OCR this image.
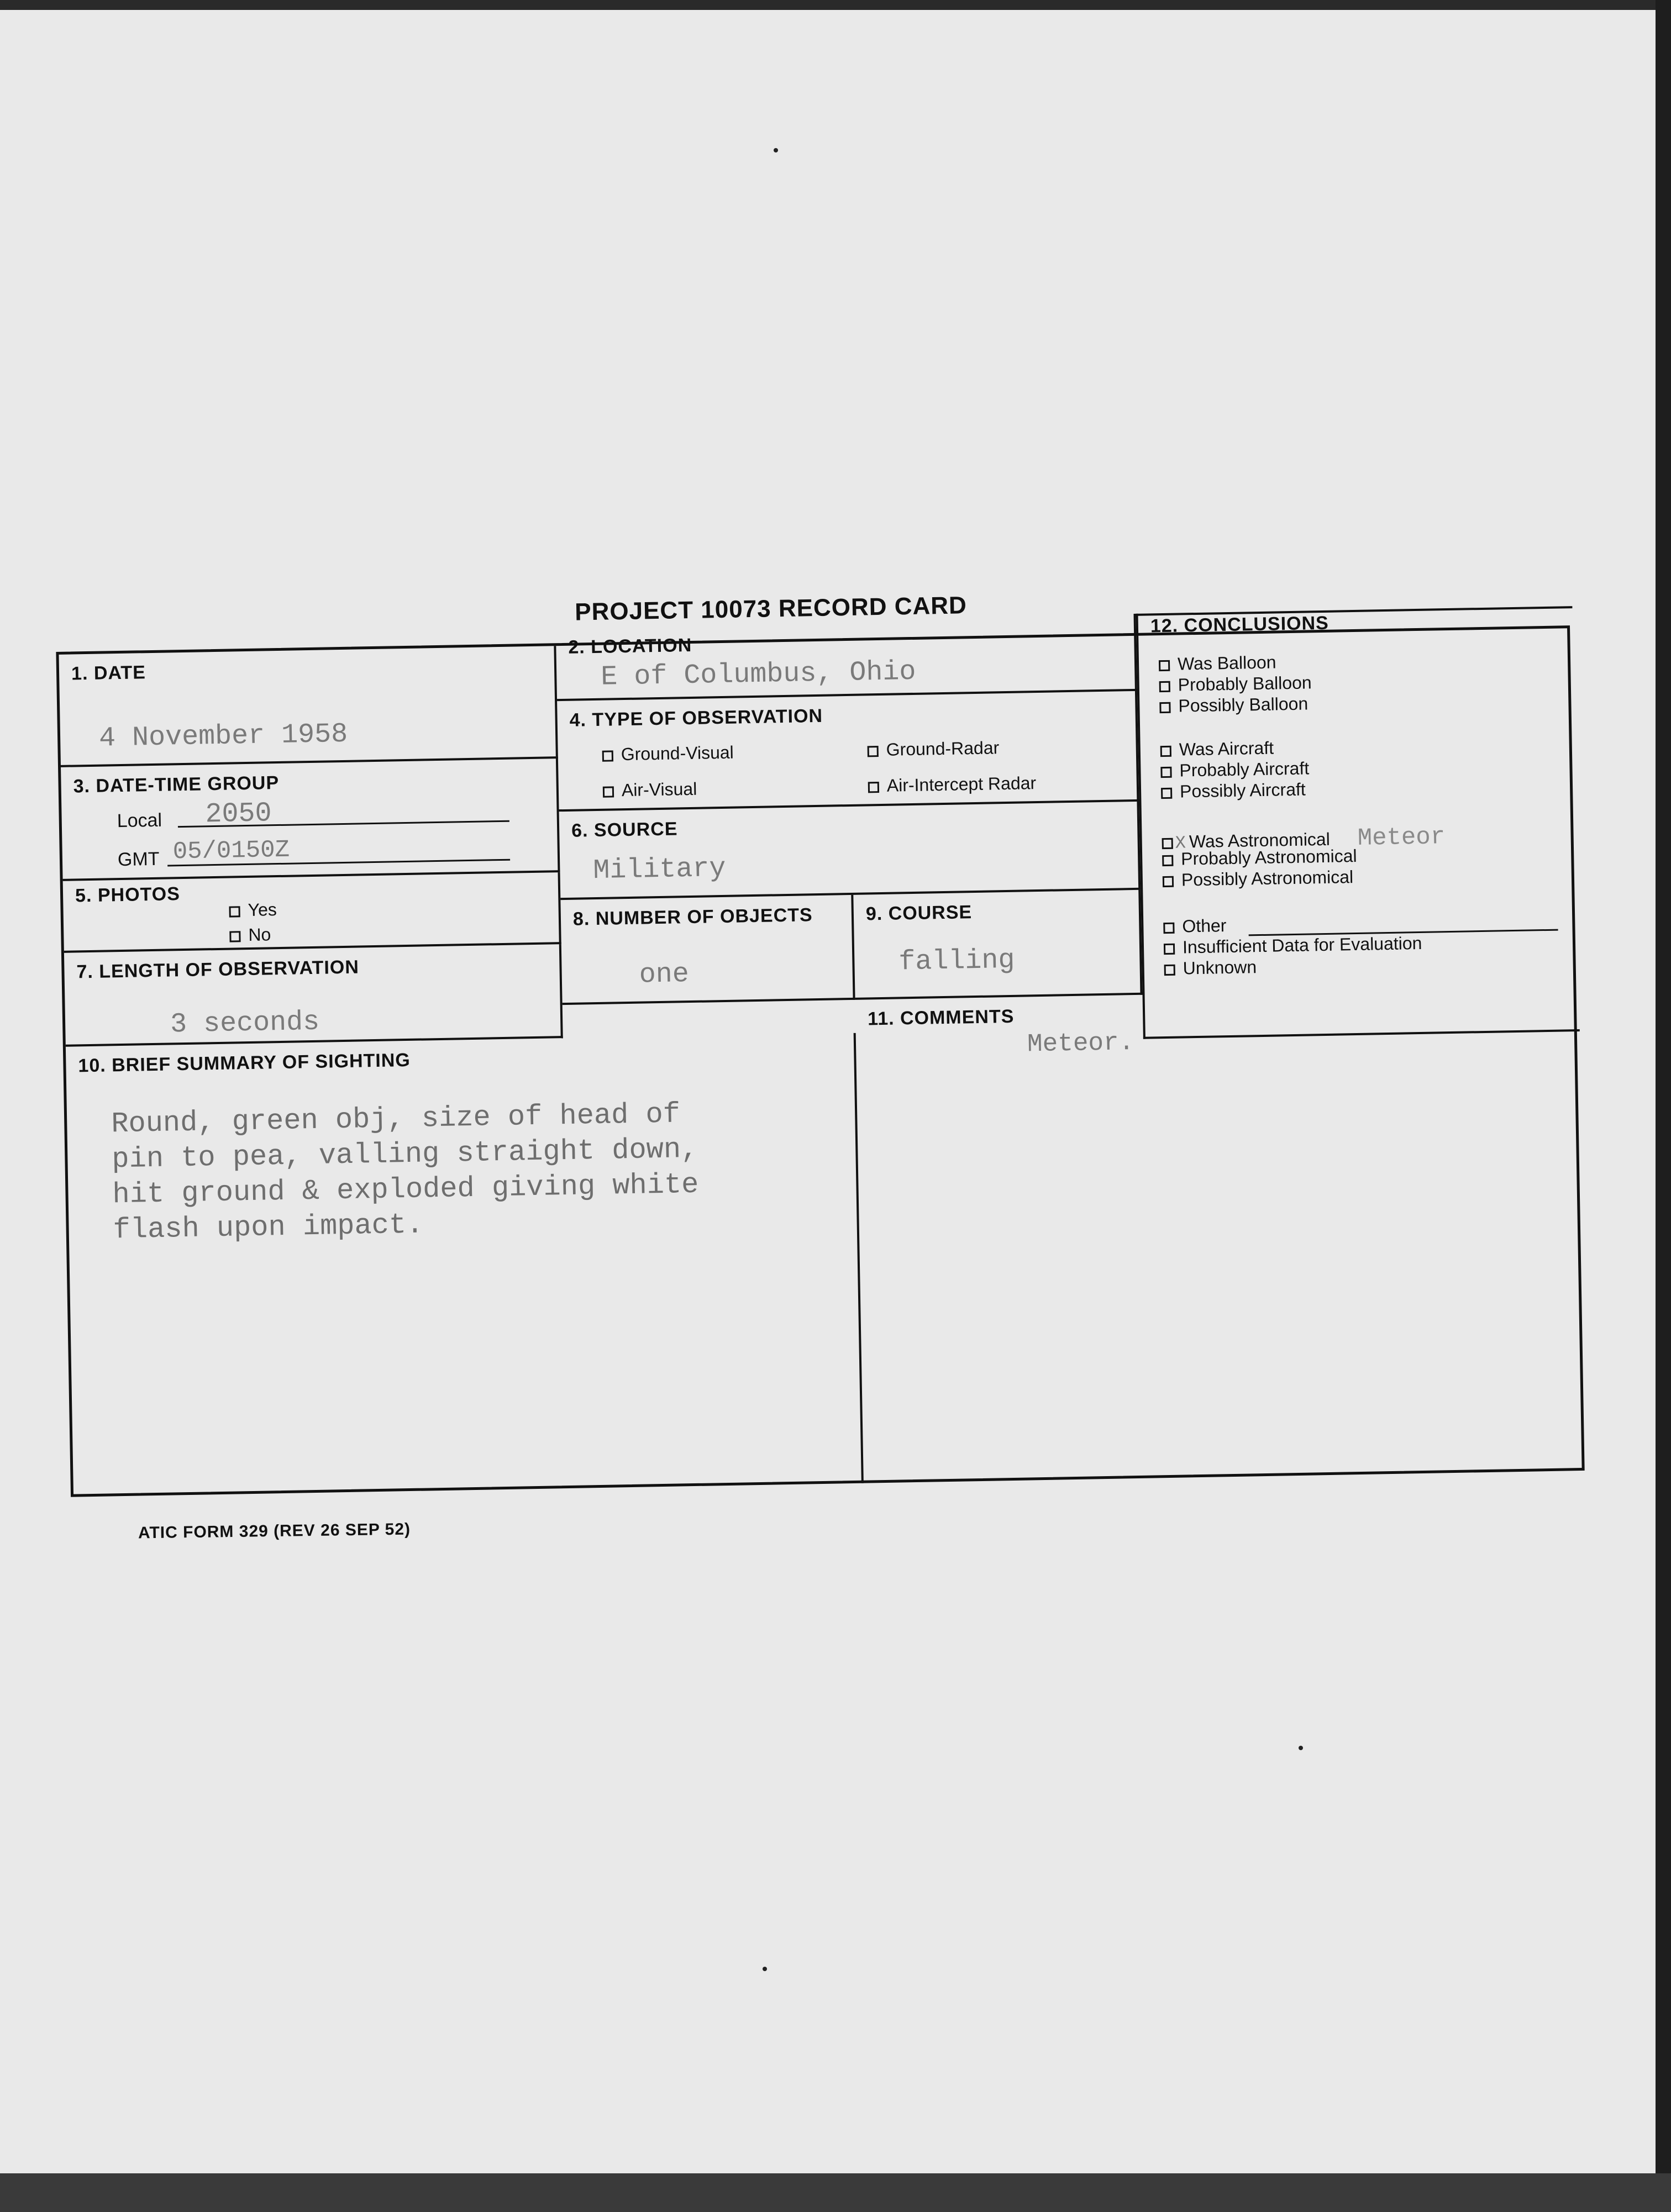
PROJECT 10073 RECORD CARD
1. DATE
4 November 1958
2. LOCATION
E of Columbus, Ohio
3. DATE-TIME GROUP
Local 2050
GMT 05/0150Z
4. TYPE OF OBSERVATION
Ground-Visual	Ground-Radar
Air-Visual	Air-Intercept Radar
5. PHOTOS
Yes
No
6. SOURCE
Military
7. LENGTH OF OBSERVATION
3 seconds
8. NUMBER OF OBJECTS
one
9. COURSE
falling
10. BRIEF SUMMARY OF SIGHTING
Round, green obj, size of head of
pin to pea, valling straight down,
hit ground & exploded giving white
flash upon impact.
11. COMMENTS
Meteor.
12. CONCLUSIONS
Was Balloon
Probably Balloon
Possibly Balloon
Was Aircraft
Probably Aircraft
Possibly Aircraft
X Was Astronomical Meteor
Probably Astronomical
Possibly Astronomical
Other
Insufficient Data for Evaluation
Unknown
ATIC FORM 329 (REV 26 SEP 52)
